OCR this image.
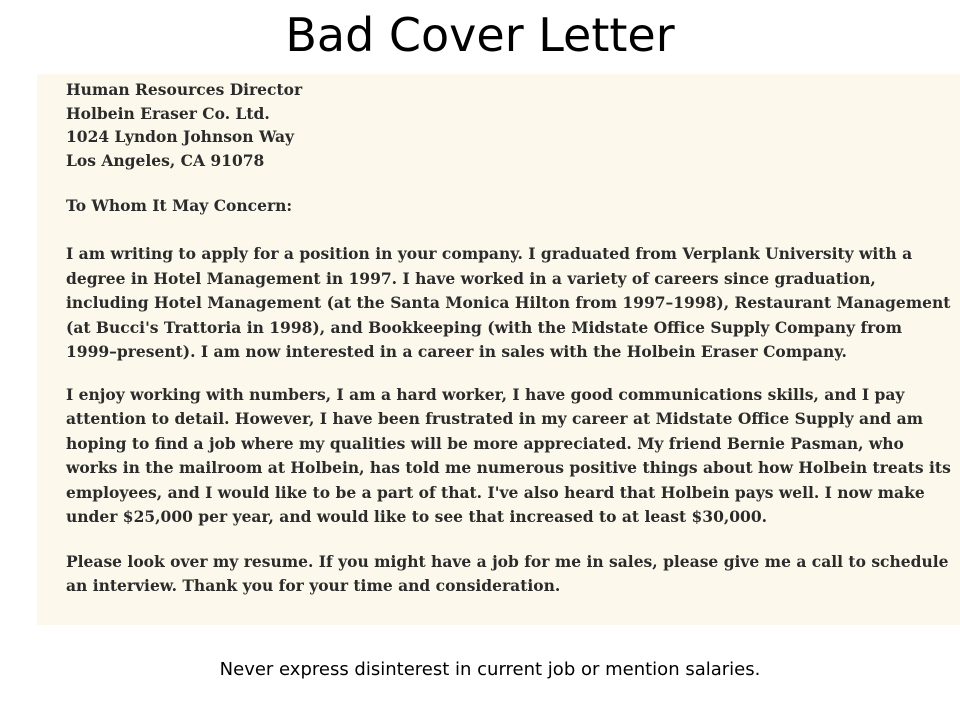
Bad Cover Letter
Human Resources Director
Holbein Eraser Co. Ltd.
1024 Lyndon Johnson Way
Los Angeles, CA 91078
To Whom It May Concern:
I am writing to apply for a position in your company. I graduated from Verplank University with a
degree in Hotel Management in 1997. I have worked in a variety of careers since graduation,
including Hotel Management (at the Santa Monica Hilton from 1997–1998), Restaurant Management
(at Bucci's Trattoria in 1998), and Bookkeeping (with the Midstate Office Supply Company from
1999–present). I am now interested in a career in sales with the Holbein Eraser Company.
I enjoy working with numbers, I am a hard worker, I have good communications skills, and I pay
attention to detail. However, I have been frustrated in my career at Midstate Office Supply and am
hoping to find a job where my qualities will be more appreciated. My friend Bernie Pasman, who
works in the mailroom at Holbein, has told me numerous positive things about how Holbein treats its
employees, and I would like to be a part of that. I've also heard that Holbein pays well. I now make
under $25,000 per year, and would like to see that increased to at least $30,000.
Please look over my resume. If you might have a job for me in sales, please give me a call to schedule
an interview. Thank you for your time and consideration.
Never express disinterest in current job or mention salaries.
